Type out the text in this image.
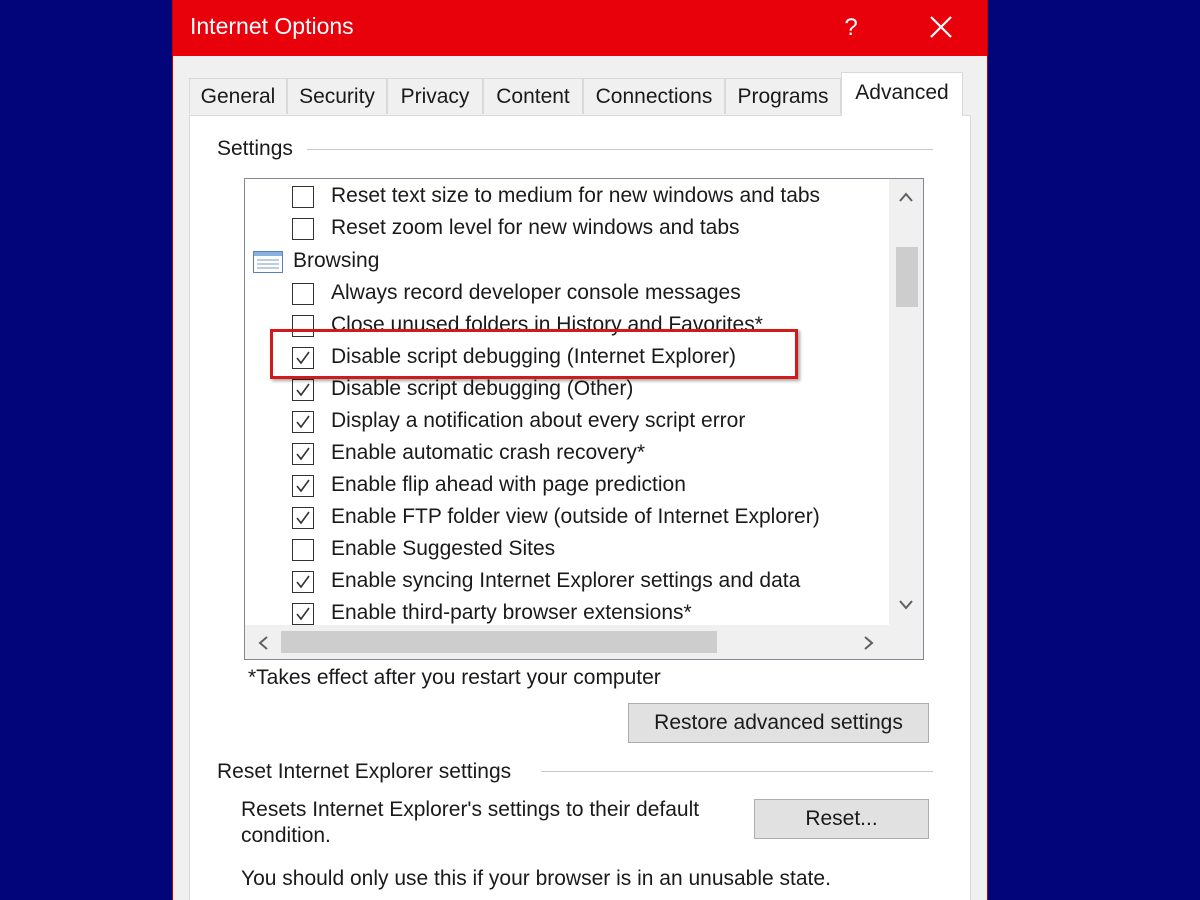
Internet Options	?
General	Security	Privacy	Content	Connections	Programs	Advanced
Settings
Reset text size to medium for new windows and tabs
Reset zoom level for new windows and tabs
Browsing
Always record developer console messages
Close unused folders in History and Favorites*
Disable script debugging (Internet Explorer)
Disable script debugging (Other)
Display a notification about every script error
Enable automatic crash recovery*
Enable flip ahead with page prediction
Enable FTP folder view (outside of Internet Explorer)
Enable Suggested Sites
Enable syncing Internet Explorer settings and data
Enable third-party browser extensions*
*Takes effect after you restart your computer
Restore advanced settings
Reset Internet Explorer settings
Resets Internet Explorer's settings to their default condition.
Reset...
You should only use this if your browser is in an unusable state.
